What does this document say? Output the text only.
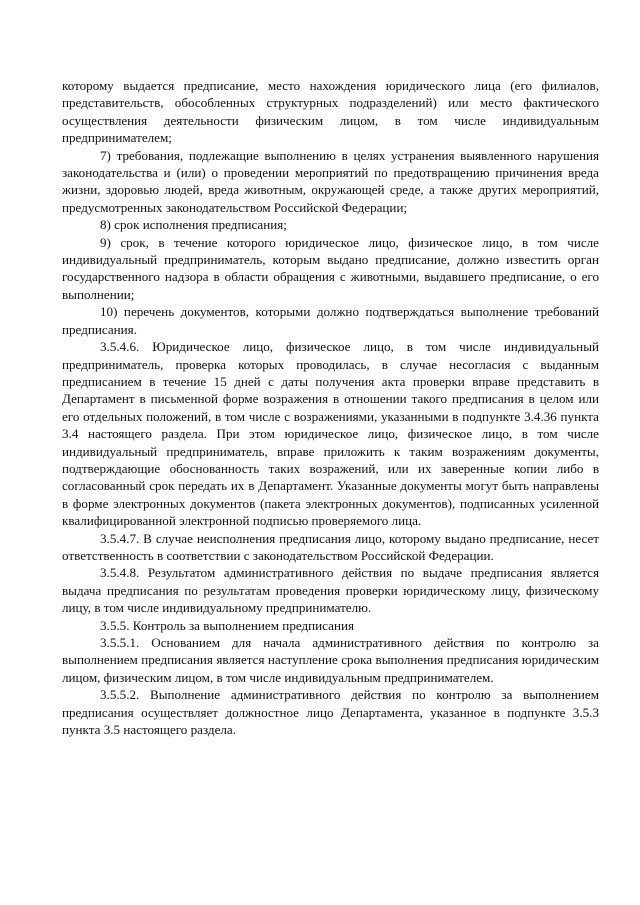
которому выдается предписание, место нахождения юридического лица (его филиалов, представительств, обособленных структурных подразделений) или место фактического осуществления деятельности физическим лицом, в том числе индивидуальным предпринимателем;

7) требования, подлежащие выполнению в целях устранения выявленного нарушения законодательства и (или) о проведении мероприятий по предотвращению причинения вреда жизни, здоровью людей, вреда животным, окружающей среде, а также других мероприятий, предусмотренных законодательством Российской Федерации;

8) срок исполнения предписания;

9) срок, в течение которого юридическое лицо, физическое лицо, в том числе индивидуальный предприниматель, которым выдано предписание, должно известить орган государственного надзора в области обращения с животными, выдавшего предписание, о его выполнении;

10) перечень документов, которыми должно подтверждаться выполнение требований предписания.

3.5.4.6. Юридическое лицо, физическое лицо, в том числе индивидуальный предприниматель, проверка которых проводилась, в случае несогласия с выданным предписанием в течение 15 дней с даты получения акта проверки вправе представить в Департамент в письменной форме возражения в отношении такого предписания в целом или его отдельных положений, в том числе с возражениями, указанными в подпункте 3.4.36 пункта 3.4 настоящего раздела. При этом юридическое лицо, физическое лицо, в том числе индивидуальный предприниматель, вправе приложить к таким возражениям документы, подтверждающие обоснованность таких возражений, или их заверенные копии либо в согласованный срок передать их в Департамент. Указанные документы могут быть направлены в форме электронных документов (пакета электронных документов), подписанных усиленной квалифицированной электронной подписью проверяемого лица.

3.5.4.7. В случае неисполнения предписания лицо, которому выдано предписание, несет ответственность в соответствии с законодательством Российской Федерации.

3.5.4.8. Результатом административного действия по выдаче предписания является выдача предписания по результатам проведения проверки юридическому лицу, физическому лицу, в том числе индивидуальному предпринимателю.

3.5.5. Контроль за выполнением предписания

3.5.5.1. Основанием для начала административного действия по контролю за выполнением предписания является наступление срока выполнения предписания юридическим лицом, физическим лицом, в том числе индивидуальным предпринимателем.

3.5.5.2. Выполнение административного действия по контролю за выполнением предписания осуществляет должностное лицо Департамента, указанное в подпункте 3.5.3 пункта 3.5 настоящего раздела.
